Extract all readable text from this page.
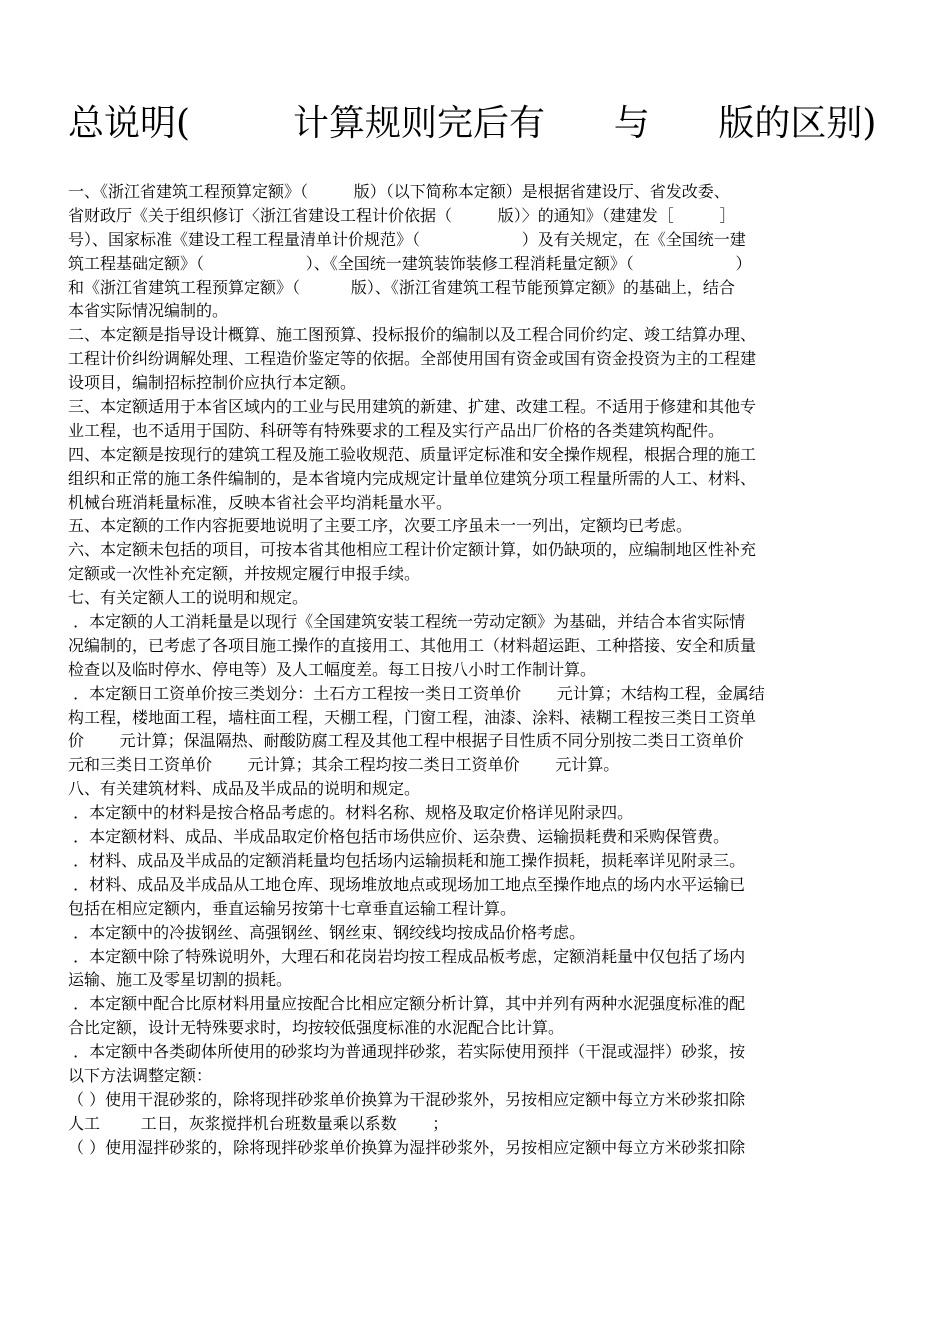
总说明(         计算规则完后有      与      版的区别)
一、《浙江省建筑工程预算定额》（         版）（以下简称本定额）是根据省建设厅、省发改委、
省财政厅《关于组织修订〈浙江省建设工程计价依据（         版）〉的通知》（建建发［         ］
号）、国家标准《建设工程工程量清单计价规范》（                    ）及有关规定，在《全国统一建
筑工程基础定额》（                    ）、《全国统一建筑装饰装修工程消耗量定额》（                    ）
和《浙江省建筑工程预算定额》（          版）、《浙江省建筑工程节能预算定额》的基础上，结合
本省实际情况编制的。
二、本定额是指导设计概算、施工图预算、投标报价的编制以及工程合同价约定、竣工结算办理、
工程计价纠纷调解处理、工程造价鉴定等的依据。全部使用国有资金或国有资金投资为主的工程建
设项目，编制招标控制价应执行本定额。
三、本定额适用于本省区域内的工业与民用建筑的新建、扩建、改建工程。不适用于修建和其他专
业工程，也不适用于国防、科研等有特殊要求的工程及实行产品出厂价格的各类建筑构配件。
四、本定额是按现行的建筑工程及施工验收规范、质量评定标准和安全操作规程，根据合理的施工
组织和正常的施工条件编制的，是本省境内完成规定计量单位建筑分项工程量所需的人工、材料、
机械台班消耗量标准，反映本省社会平均消耗量水平。
五、本定额的工作内容扼要地说明了主要工序，次要工序虽未一一列出，定额均已考虑。
六、本定额未包括的项目，可按本省其他相应工程计价定额计算，如仍缺项的，应编制地区性补充
定额或一次性补充定额，并按规定履行申报手续。
七、有关定额人工的说明和规定。
．本定额的人工消耗量是以现行《全国建筑安装工程统一劳动定额》为基础，并结合本省实际情
况编制的，已考虑了各项目施工操作的直接用工、其他用工（材料超运距、工种搭接、安全和质量
检查以及临时停水、停电等）及人工幅度差。每工日按八小时工作制计算。
．本定额日工资单价按三类划分：土石方工程按一类日工资单价       元计算；木结构工程，金属结
构工程，楼地面工程，墙柱面工程，天棚工程，门窗工程，油漆、涂料、裱糊工程按三类日工资单
价       元计算；保温隔热、耐酸防腐工程及其他工程中根据子目性质不同分别按二类日工资单价
元和三类日工资单价       元计算；其余工程均按二类日工资单价       元计算。
八、有关建筑材料、成品及半成品的说明和规定。
．本定额中的材料是按合格品考虑的。材料名称、规格及取定价格详见附录四。
．本定额材料、成品、半成品取定价格包括市场供应价、运杂费、运输损耗费和采购保管费。
．材料、成品及半成品的定额消耗量均包括场内运输损耗和施工操作损耗，损耗率详见附录三。
．材料、成品及半成品从工地仓库、现场堆放地点或现场加工地点至操作地点的场内水平运输已
包括在相应定额内，垂直运输另按第十七章垂直运输工程计算。
．本定额中的冷拔钢丝、高强钢丝、钢丝束、钢绞线均按成品价格考虑。
．本定额中除了特殊说明外，大理石和花岗岩均按工程成品板考虑，定额消耗量中仅包括了场内
运输、施工及零星切割的损耗。
．本定额中配合比原材料用量应按配合比相应定额分析计算，其中并列有两种水泥强度标准的配
合比定额，设计无特殊要求时，均按较低强度标准的水泥配合比计算。
．本定额中各类砌体所使用的砂浆均为普通现拌砂浆，若实际使用预拌（干混或湿拌）砂浆，按
以下方法调整定额：
（ ）使用干混砂浆的，除将现拌砂浆单价换算为干混砂浆外，另按相应定额中每立方米砂浆扣除
人工        工日，灰浆搅拌机台班数量乘以系数       ；
（ ）使用湿拌砂浆的，除将现拌砂浆单价换算为湿拌砂浆外，另按相应定额中每立方米砂浆扣除
